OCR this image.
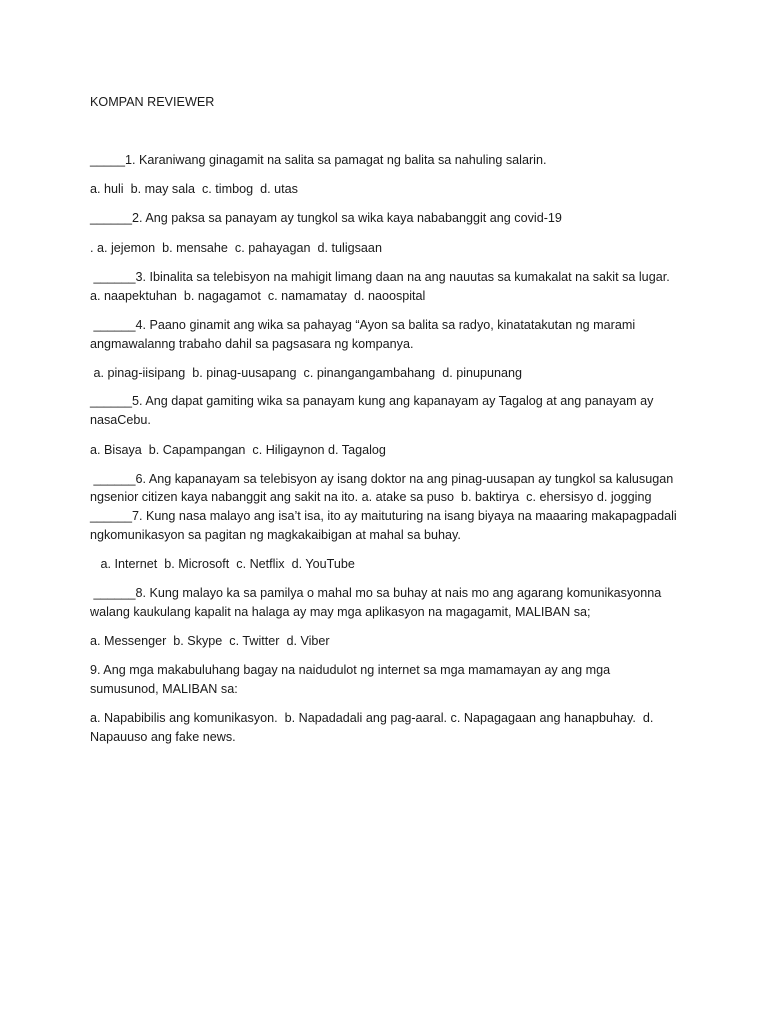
KOMPAN REVIEWER
_____1. Karaniwang ginagamit na salita sa pamagat ng balita sa nahuling salarin.
a. huli  b. may sala  c. timbog  d. utas
______2. Ang paksa sa panayam ay tungkol sa wika kaya nababanggit ang covid-19
. a. jejemon  b. mensahe  c. pahayagan  d. tuligsaan
______3. Ibinalita sa telebisyon na mahigit limang daan na ang nauutas sa kumakalat na sakit sa lugar.
a. naapektuhan  b. nagagamot  c. namamatay  d. naoospital
______4. Paano ginamit ang wika sa pahayag “Ayon sa balita sa radyo, kinatatakutan ng marami
angmawalanng trabaho dahil sa pagsasara ng kompanya.
a. pinag-iisipang  b. pinag-uusapang  c. pinangangambahang  d. pinupunang
______5. Ang dapat gamiting wika sa panayam kung ang kapanayam ay Tagalog at ang panayam ay
nasaCebu.
a. Bisaya  b. Capampangan  c. Hiligaynon d. Tagalog
______6. Ang kapanayam sa telebisyon ay isang doktor na ang pinag-uusapan ay tungkol sa kalusugan
ngsenior citizen kaya nabanggit ang sakit na ito. a. atake sa puso  b. baktirya  c. ehersisyo d. jogging
______7. Kung nasa malayo ang isa’t isa, ito ay maituturing na isang biyaya na maaaring makapagpadali
ngkomunikasyon sa pagitan ng magkakaibigan at mahal sa buhay.
a. Internet  b. Microsoft  c. Netflix  d. YouTube
______8. Kung malayo ka sa pamilya o mahal mo sa buhay at nais mo ang agarang komunikasyonna
walang kaukulang kapalit na halaga ay may mga aplikasyon na magagamit, MALIBAN sa;
a. Messenger  b. Skype  c. Twitter  d. Viber
9. Ang mga makabuluhang bagay na naidudulot ng internet sa mga mamamayan ay ang mga
sumusunod, MALIBAN sa:
a. Napabibilis ang komunikasyon.  b. Napadadali ang pag-aaral. c. Napagagaan ang hanapbuhay.  d.
Napauuso ang fake news.
